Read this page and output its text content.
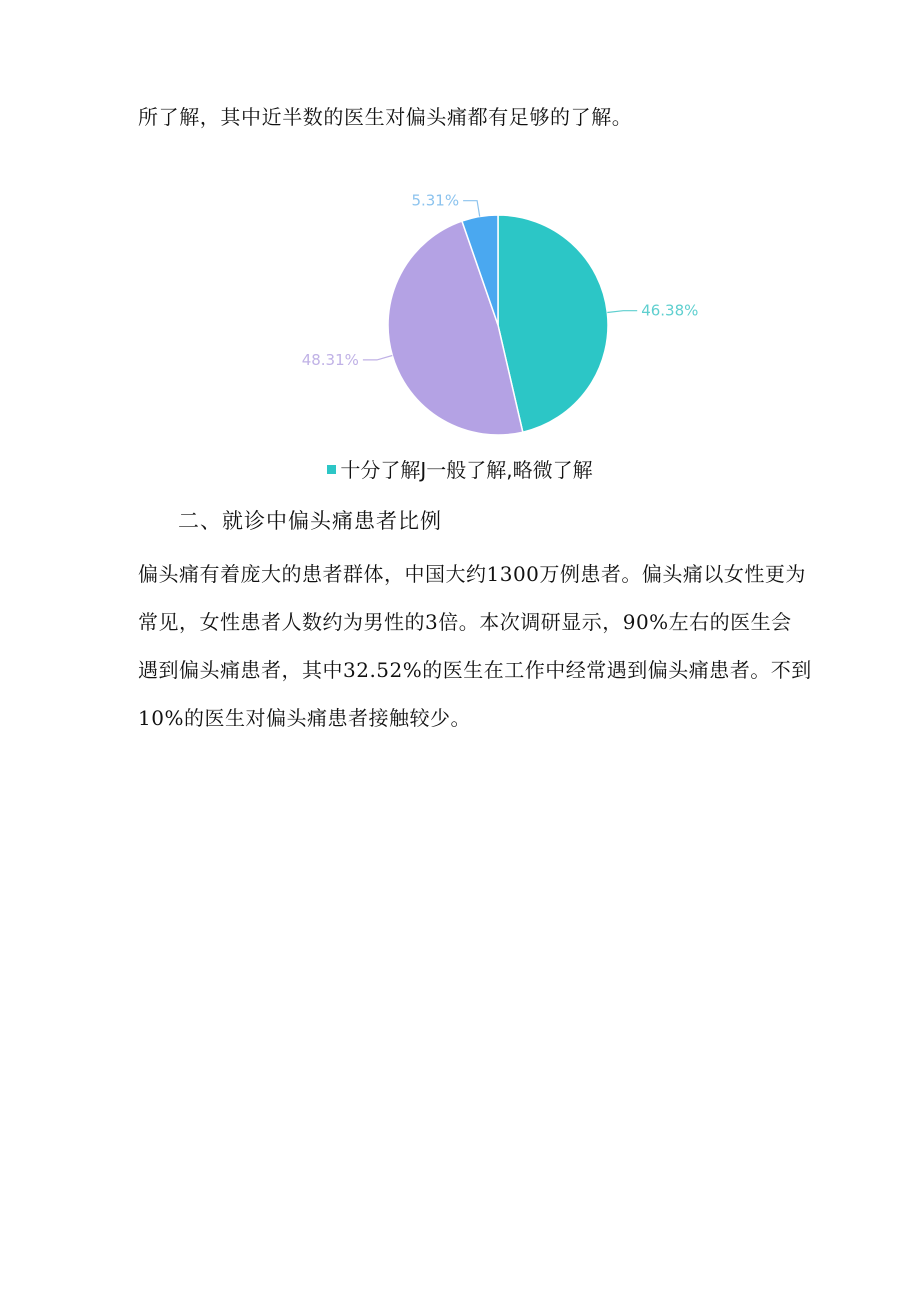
所了解，其中近半数的医生对偏头痛都有足够的了解。

46.38%
48.31%
5.31%
十分了解J一般了解,略微了解
二、就诊中偏头痛患者比例

偏头痛有着庞大的患者群体，中国大约1300万例患者。偏头痛以女性更为
常见，女性患者人数约为男性的3倍。本次调研显示，90%左右的医生会
遇到偏头痛患者，其中32.52%的医生在工作中经常遇到偏头痛患者。不到
10%的医生对偏头痛患者接触较少。
